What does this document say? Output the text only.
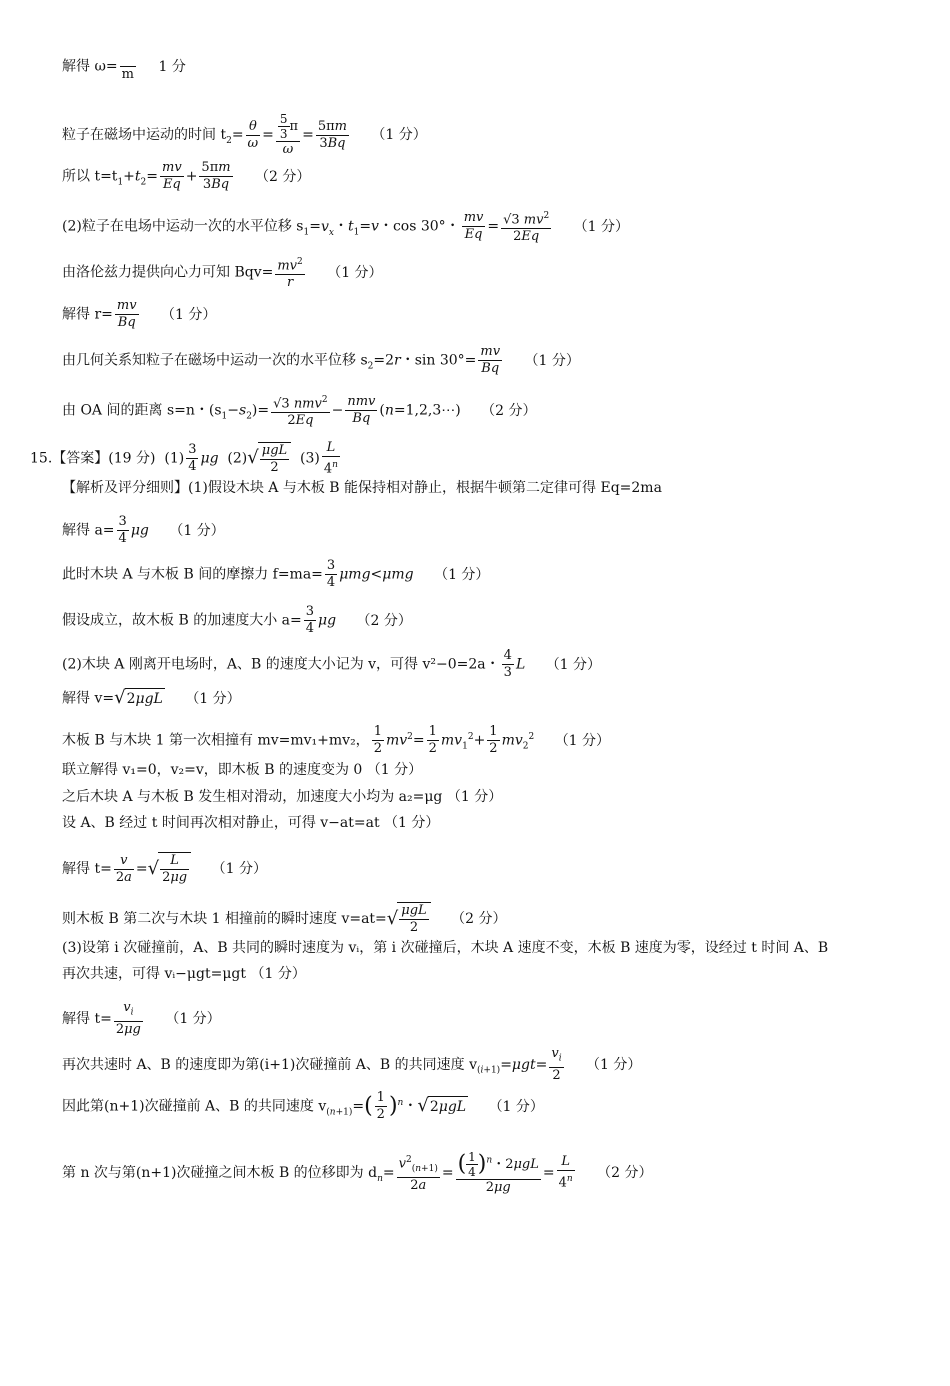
解得 ω=
m 1 分
粒子在磁场中运动的时间 $t_2= \frac{\theta}{\omega} = \frac{\frac{5}{3} \pi}{\omega} = \frac{5\pi m}{3Bq} (1$ 分）
所以 $t=t_1+t_2= \frac{mv}{Eq} + \frac{5\pi m}{3Bq} (2$ 分）
(2)粒子在电场中运动一次的水平位移 $s_1=v_x$・$t_1=v$・cos 30°・ $\frac{mv}{Eq} = \frac{√3 mv^2}{2Eq} (1$ 分）
由洛伦兹力提供向心力可知 $Bqv= \frac{mv^2}{r} (1$ 分）
解得 $r= \frac{mv}{Bq} (1$ 分）
由几何关系知粒子在磁场中运动一次的水平位移 $s_2=2r$・$\sin 30^\circ= \frac{mv}{Bq} (1$ 分）
由 OA 间的距离 s=n・$(s_1-s_2)= \frac{√3 nmv^2}{2Eq} - \frac{\text{nmv}}{Bq}$ (n=1,2,3⋯) （2 分）
15.【答案】(19 分)  $(1) \frac{3}{4}$ μg  $(2)√ \frac{\text{μgL}}{2} (3) \frac{L}{4^n}$
【解析及评分细则】(1)假设木块 A 与木板 B 能保持相对静止，根据牛顿第二定律可得 Eq=2ma
解得 $a= \frac{3}{4}$ μg （1 分）
此时木块 A 与木板 B 间的摩擦力 $f=ma= \frac{3}{4} \mu mg<\mu mg$ （1 分）
假设成立，故木板 B 的加速度大小 $a= \frac{3}{4}$ μg （2 分）
(2)木块 A 刚离开电场时，A、B 的速度大小记为 v，可得 v²−0=2a・ $\frac{4}{3}$ L （1 分）
解得 v=√2μgL （1 分）
木板 B 与木块 1 第一次相撞有 mv=mv₁+mv₂， $\frac{1}{2} mv^2= \frac{1}{2} mv_1^2+ \frac{1}{2} mv_2^2$ （1 分）
联立解得 v₁=0，v₂=v，即木板 B 的速度变为 0 （1 分）
之后木块 A 与木板 B 发生相对滑动，加速度大小均为 a₂=μg （1 分）
设 A、B 经过 t 时间再次相对静止，可得 v−at=at （1 分）
解得 $t= \frac{v}{2a}$ =√ $\frac{L}{2\mu g} (1$ 分）
则木板 B 第二次与木块 1 相撞前的瞬时速度 $v=at=√ \frac{\text{μgL}}{2} (2$ 分）
(3)设第 i 次碰撞前，A、B 共同的瞬时速度为 vᵢ，第 i 次碰撞后，木块 A 速度不变，木板 B 速度为零，设经过 t 时间 A、B
再次共速，可得 vᵢ−μgt=μgt （1 分）
解得 $t= \frac{v_i}{2\mu g} (1$ 分）
再次共速时 A、B 的速度即为第(i+1)次碰撞前 A、B 的共同速度 $v_{(i+1)}=\mu gt= \frac{v_i}{2} (1$ 分）
因此第(n+1)次碰撞前 A、B 的共同速度 $v_{(n+1)}=( \frac{1}{2} )^n$・√2μgL （1 分）
第 n 次与第(n+1)次碰撞之间木板 B 的位移即为 $d_n= \frac{v^2_{(n+1)}}{2a} = \frac{( \frac{1}{4} )^n・2\mu gL}{2\mu g} = \frac{L}{4^n} (2$ 分）
